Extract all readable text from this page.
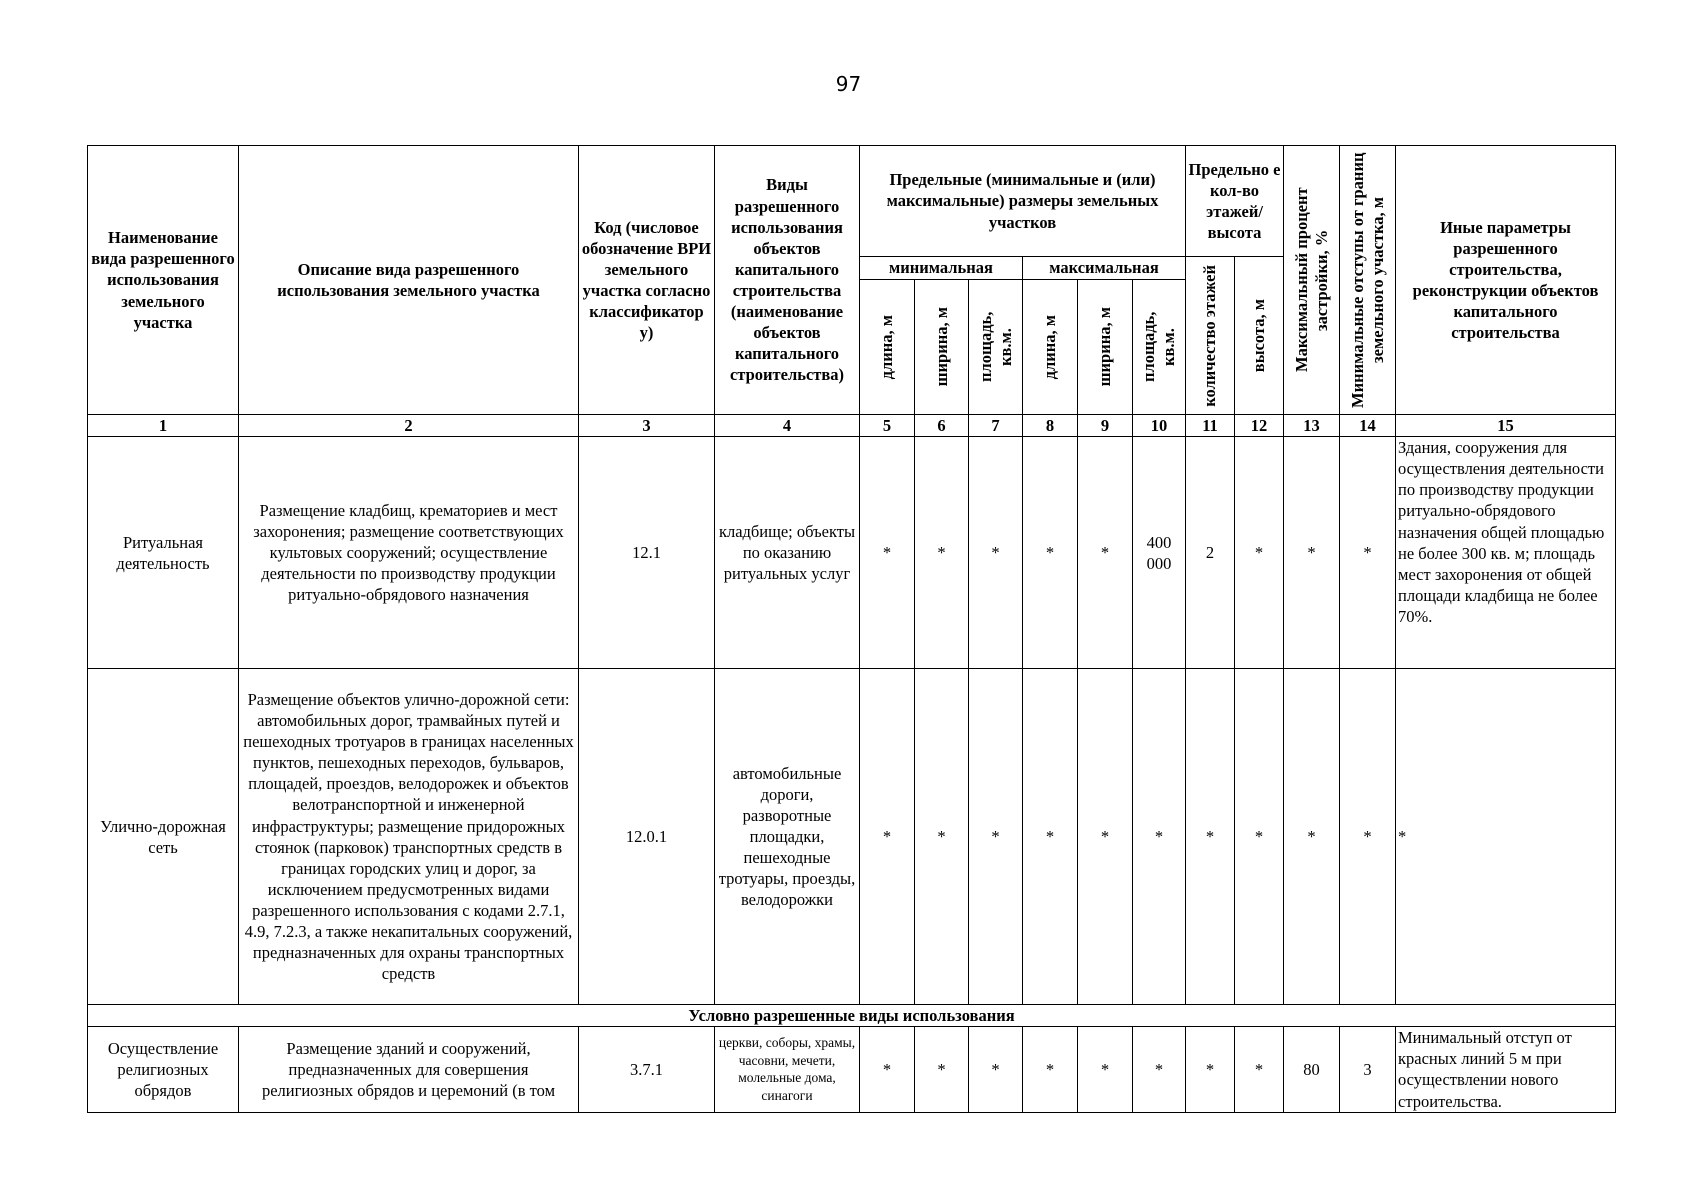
97
Наименование вида разрешенного использования земельного участка	Описание вида разрешенного использования земельного участка	Код (числовое обозначение ВРИ земельного участка согласно классификатор у)	Виды разрешенного использования объектов капитального строительства (наименование объектов капитального строительства)	Предельные (минимальные и (или) максимальные) размеры земельных участков						Предельно е кол-во этажей/ высота		Максимальный процент застройки, %	Минимальные отступы от границ земельного участка, м	Иные параметры разрешенного строительства, реконструкции объектов капитального строительства
				минимальная			максимальная			количество этажей	высота, м			

				длина, м	ширина, м	площадь, кв.м.	длина, м	ширина, м	площадь, кв.м.					

1	2	3	4	5	6	7	8	9	10	11	12	13	14	15
Ритуальная деятельность	Размещение кладбищ, крематориев и мест захоронения; размещение соответствующих культовых сооружений; осуществление деятельности по производству продукции ритуально-обрядового назначения	12.1	кладбище; объекты по оказанию ритуальных услуг	*	*	*	*	*	400 000	2	*	*	*	Здания, сооружения для осуществления деятельности по производству продукции ритуально-обрядового назначения общей площадью не более 300 кв. м; площадь мест захоронения от общей площади кладбища не более 70%.
Улично-дорожная сеть	Размещение объектов улично-дорожной сети: автомобильных дорог, трамвайных путей и пешеходных тротуаров в границах населенных пунктов, пешеходных переходов, бульваров, площадей, проездов, велодорожек и объектов велотранспортной и инженерной инфраструктуры; размещение придорожных стоянок (парковок) транспортных средств в границах городских улиц и дорог, за исключением предусмотренных видами разрешенного использования с кодами 2.7.1, 4.9, 7.2.3, а также некапитальных сооружений, предназначенных для охраны транспортных средств	12.0.1	автомобильные дороги, разворотные площадки, пешеходные тротуары, проезды, велодорожки	*	*	*	*	*	*	*	*	*	*	*
Условно разрешенные виды использования														
Осуществление религиозных обрядов	Размещение зданий и сооружений, предназначенных для совершения религиозных обрядов и церемоний (в том	3.7.1	церкви, соборы, храмы, часовни, мечети, молельные дома, синагоги	*	*	*	*	*	*	*	*	80	3	Минимальный отступ от красных линий 5 м при осуществлении нового строительства.
